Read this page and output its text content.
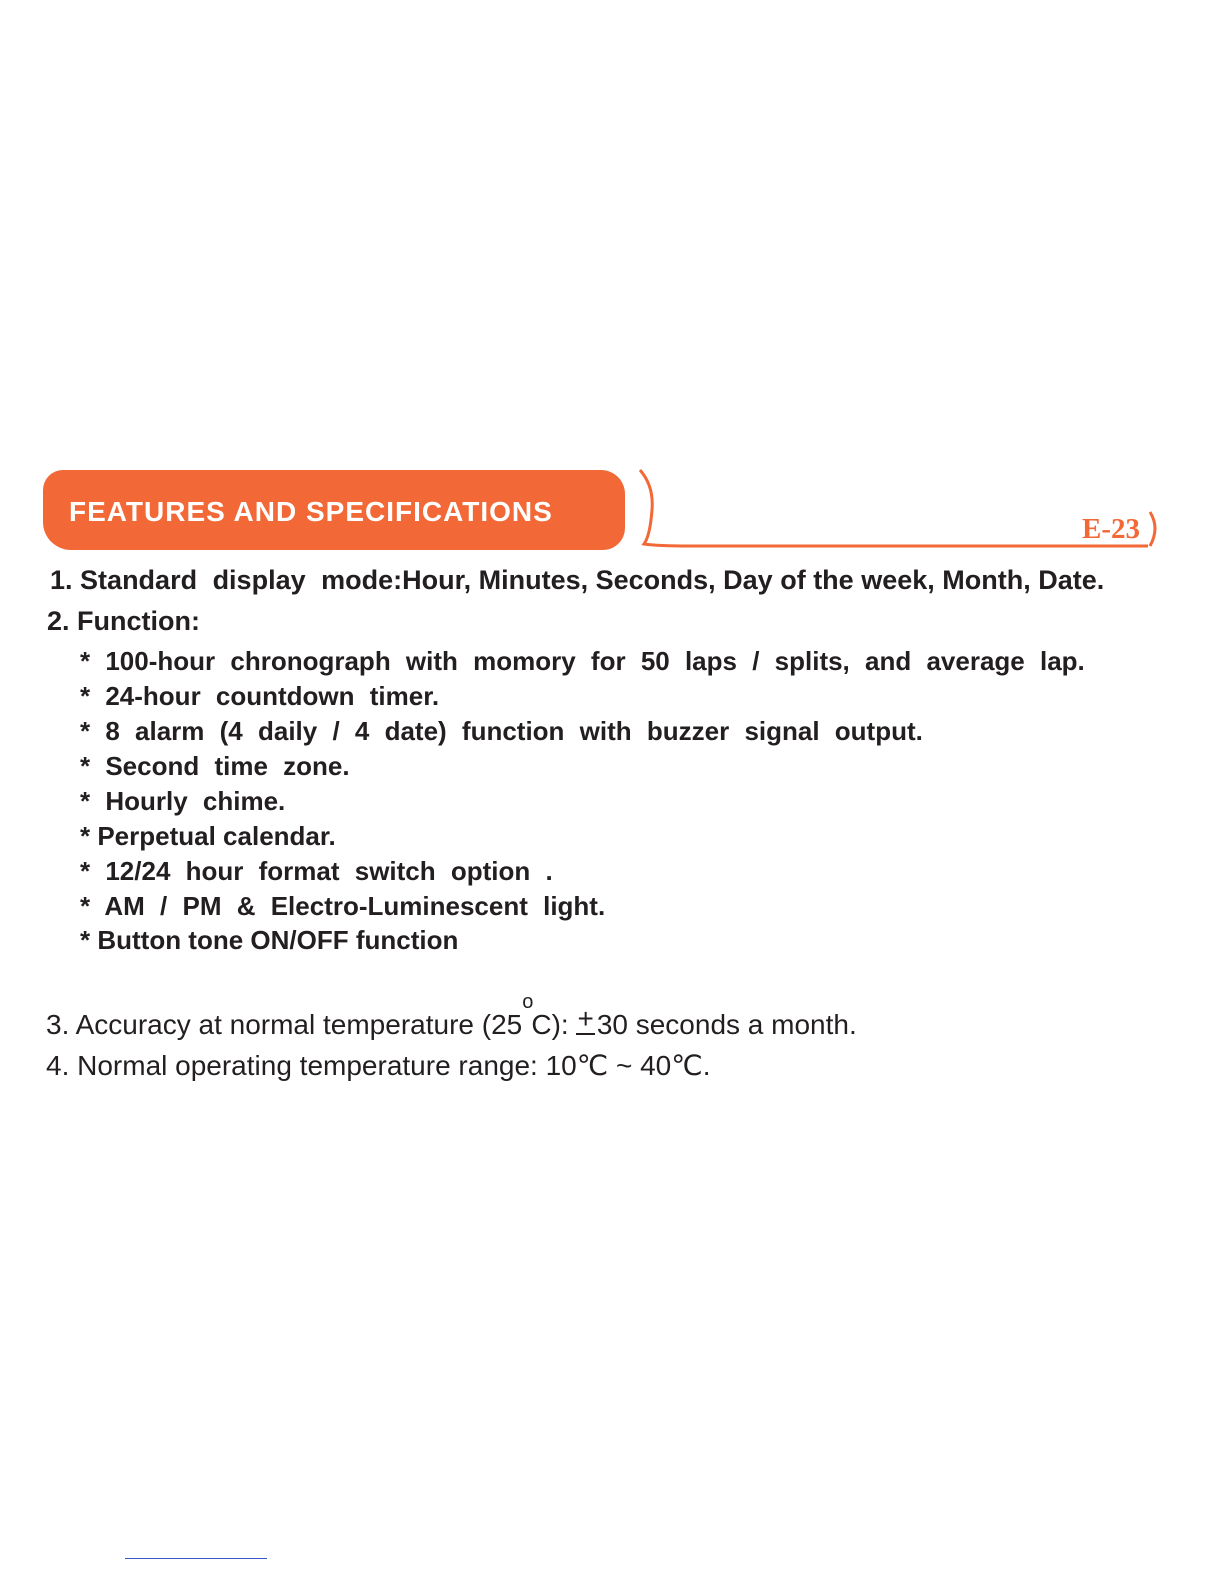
FEATURES AND SPECIFICATIONS
E-23
1. Standard display mode:Hour, Minutes, Seconds, Day of the week, Month, Date.
2. Function:
* 100-hour chronograph with momory for 50 laps / splits, and average lap.
* 24-hour countdown timer.
* 8 alarm (4 daily / 4 date) function with buzzer signal output.
* Second time zone.
* Hourly chime.
* Perpetual calendar.
* 12/24 hour format switch option .
* AM / PM & Electro-Luminescent light.
* Button tone ON/OFF function
3. Accuracy at normal temperature (25oC): + 30 seconds a month.
4. Normal operating temperature range: 10℃ ~ 40℃.
